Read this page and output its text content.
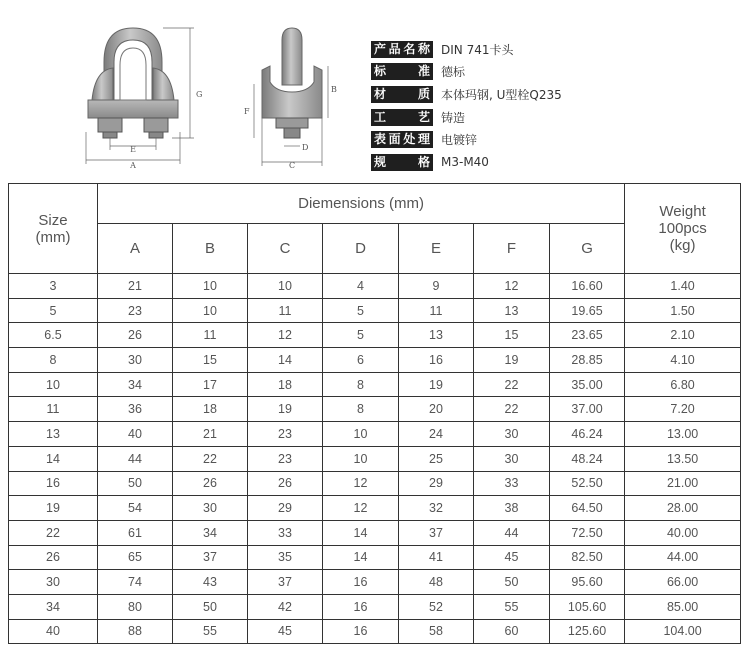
A
E
G
F
B
D
C
产品名称 DIN 741卡头
标　　准 德标
材　　质 本体玛钢, U型栓Q235
工　　艺 铸造
表面处理 电镀锌
规　　格 M3-M40
Size
(mm)	Diemensions (mm)							Weight
100pcs
(kg)
	A	B	C	D	E	F	G	
3	21	10	10	4	9	12	16.60	1.40
5	23	10	11	5	11	13	19.65	1.50
6.5	26	11	12	5	13	15	23.65	2.10
8	30	15	14	6	16	19	28.85	4.10
10	34	17	18	8	19	22	35.00	6.80
11	36	18	19	8	20	22	37.00	7.20
13	40	21	23	10	24	30	46.24	13.00
14	44	22	23	10	25	30	48.24	13.50
16	50	26	26	12	29	33	52.50	21.00
19	54	30	29	12	32	38	64.50	28.00
22	61	34	33	14	37	44	72.50	40.00
26	65	37	35	14	41	45	82.50	44.00
30	74	43	37	16	48	50	95.60	66.00
34	80	50	42	16	52	55	105.60	85.00
40	88	55	45	16	58	60	125.60	104.00
